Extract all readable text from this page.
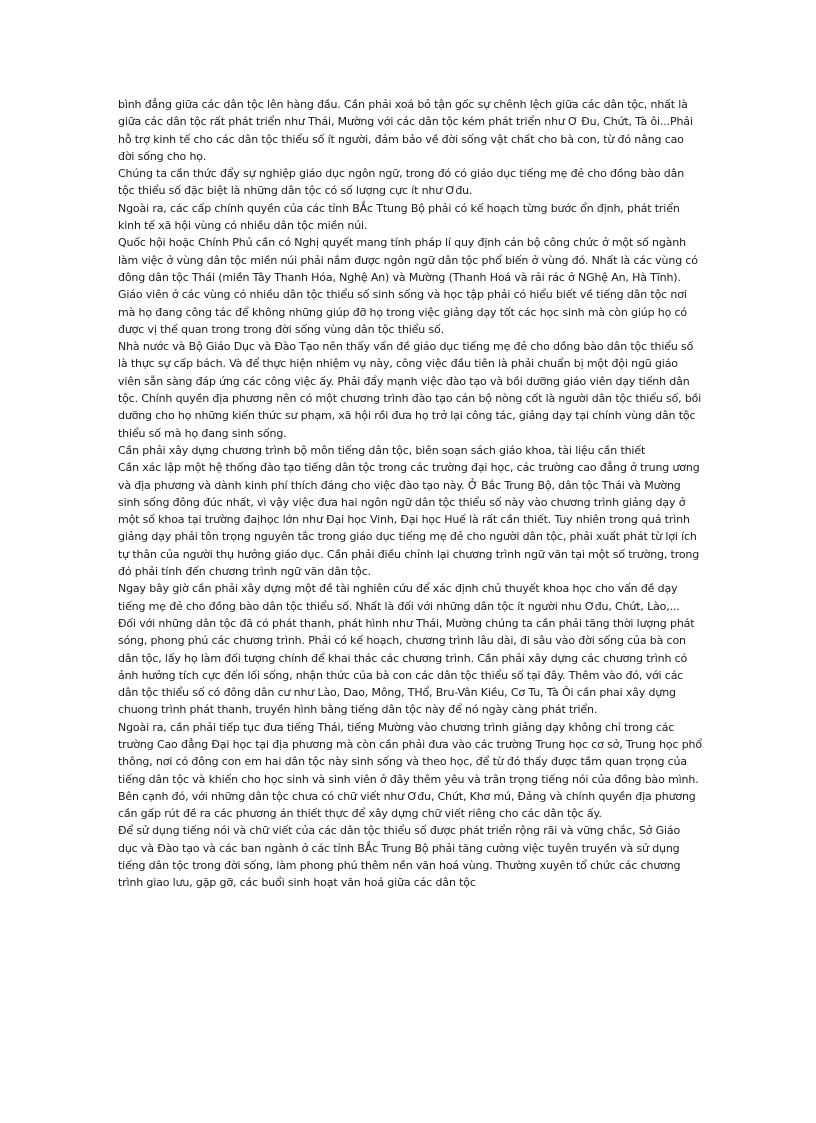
bình đẳng giữa các dân tộc lên hàng đầu. Cần phải xoá bỏ tận gốc sự chênh lệch giữa các dân tộc, nhất là giữa các dân tộc rất phát triển như Thái, Mường với các dân tộc kém phát triển như Ơ Đu, Chứt, Tà ôi...Phải hỗ trợ kinh tế cho các dân tộc thiểu số ít người, đảm bảo về đời sống vật chất cho bà con, từ đó nâng cao đời sống cho họ.

Chúng ta cần thức đẩy sự nghiệp giáo dục ngôn ngữ, trong đó có giáo dục tiếng mẹ đẻ cho đồng bào dân tộc thiểu số đặc biệt là những dân tộc có số lượng cực ít như Ơđu.

Ngoài ra, các cấp chính quyền của các tỉnh BẮc Ttung Bộ phải có kế hoạch từng bước ổn định, phát triển kinh tế xã hội vùng có nhiều dân tộc miền núi.

Quốc hội hoặc Chính Phủ cần có Nghị quyết mang tính pháp lí quy định cán bộ công chức ở một số ngành làm việc ở vùng dân tộc miền núi phải nắm được ngôn ngữ dân tộc phổ biến ở vùng đó. Nhất là các vùng có đông dân tộc Thái (miền Tây Thanh Hóa, Nghệ An) và Mường (Thanh Hoá và rải rác ở NGhệ An, Hà Tĩnh).

Giáo viên ở các vùng có nhiều dân tộc thiểu số sinh sống và học tập phải có hiểu biết về tiếng dân tộc nơi mà họ đang công tác để không những giúp đỡ họ trong việc giảng dạy tốt các học sinh mà còn giúp họ có được vị thế quan trong trong đời sống vùng dân tộc thiểu số.

Nhà nước và Bộ Giáo Dục và Đào Tạo nên thấy vấn đề giáo dục tiếng mẹ đẻ cho dồng bào dân tộc thiểu số là thực sự cấp bách. Và để thực hiện nhiệm vụ này, công việc đầu tiên là phải chuẩn bị một đội ngũ giáo viên sẵn sàng đáp ứng các công việc ấy. Phải đẩy mạnh việc đào tạo và bồi dưỡng giáo viên dạy tiếnh dân tộc. Chính quyền địa phương nên có một chương trình đào tạo cán bộ nòng cốt là người dân tộc thiểu số, bồi dưỡng cho họ những kiến thức sư phạm, xã hội rồi đưa họ trở lại công tác, giảng dạy tại chính vùng dân tộc thiểu số mà họ đang sinh sống.

Cần phải xây dựng chương trình bộ môn tiếng dân tộc, biên soạn sách giáo khoa, tài liệu cần thiết

Cần xác lập một hệ thống đào tạo tiếng dân tộc trong các trường đại học, các trường cao đẳng ở trung ương và địa phương và dành kinh phí thích đáng cho việc đào tạo này. Ở Bắc Trung Bộ, dân tộc Thái và Mường sinh sống đông đúc nhất, vì vậy việc đưa hai ngôn ngữ dân tộc thiểu số này vào chương trình giảng dạy ở một số khoa tại trường đaịhọc lớn như Đại học Vinh, Đại học Huế là rất cần thiết. Tuy nhiên trong quá trình giảng dạy phải tôn trọng nguyên tắc trong giáo dục tiếng mẹ đẻ cho người dân tộc, phải xuất phát từ lợi ích tự thân của người thụ hưởng giáo dục. Cần phải điều chỉnh lại chương trình ngữ văn tại một số trường, trong đó phải tính đến chương trình ngữ văn dân tộc.

Ngay bây giờ cần phải xây dựng một đề tài nghiên cứu để xác định chủ thuyết khoa học cho vấn đề dạy tiếng mẹ đẻ cho đồng bào dân tộc thiểu số. Nhất là đối với những dân tộc ít người nhu Ơđu, Chứt, Lào,...

Đối với những dân tộc đã có phát thanh, phát hình như Thái, Mường chúng ta cần phải tăng thời lượng phát sóng, phong phú các chương trình. Phải có kế hoạch, chương trình lâu dài, đi sâu vào đời sống của bà con dân tộc, lấy họ làm đối tượng chính để khai thác các chương trình. Cần phải xây dựng các chương trình có ảnh hưởng tích cực đến lối sống, nhận thức của bà con các dân tộc thiểu số tại đây. Thêm vào đó, với các dân tộc thiểu số có đông dân cư như Lào, Dao, Mông, THổ, Bru-Vân Kiều, Cơ Tu, Tà Ôi cần phai xây dựng chuong trình phát thanh, truyền hình bằng tiếng dân tộc này để nó ngày càng phát triển.

Ngoài ra, cần phải tiếp tục đưa tiếng Thái, tiếng Mường vào chương trình giảng dạy không chỉ trong các trường Cao đẳng Đại học tại địa phương mà còn cần phải đưa vào các trường Trung học cơ sở, Trung học phổ thông, nơi có đông con em hai dân tộc này sinh sống và theo học, để từ đó thấy được tầm quan trọng của tiếng dân tộc và khiến cho học sinh và sinh viên ở đây thêm yêu và trân trọng tiếng nói của đồng bào mình.

Bên cạnh đó, với những dân tộc chưa có chữ viết như Ơđu, Chứt, Khơ mú, Đảng và chính quyền địa phương cần gấp rút đề ra các phương án thiết thực để xây dựng chữ viết riêng cho các dân tộc ấy.

Để sử dụng tiếng nói và chữ viết của các dân tộc thiểu số được phát triển rộng rãi và vững chắc, Sở Giáo dục và Đào tạo và các ban ngành ở các tỉnh BẮc Trung Bộ phải tăng cường việc tuyên truyền và sử dụng tiếng dân tộc trong đời sống, làm phong phú thêm nền văn hoá vùng. Thường xuyên tổ chức các chương trình giao lưu, gặp gỡ, các buổi sinh hoạt văn hoá giữa các dân tộc
